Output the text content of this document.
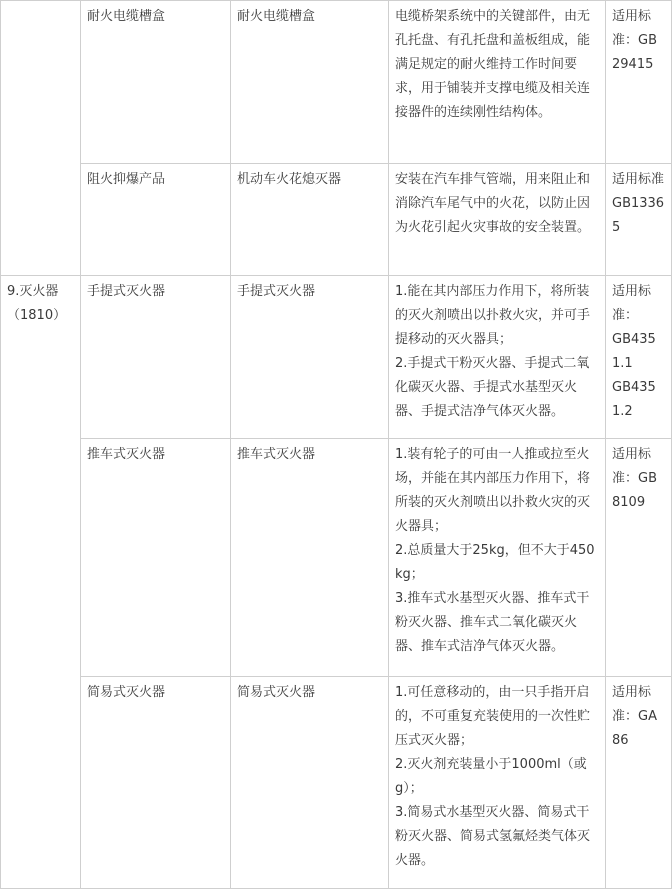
	耐火电缆槽盒	耐火电缆槽盒	电缆桥架系统中的关键部件，由无孔托盘、有孔托盘和盖板组成，能满足规定的耐火维持工作时间要求，用于铺装并支撑电缆及相关连接器件的连续刚性结构体。	适用标准：GB29415
	阻火抑爆产品	机动车火花熄灭器	安装在汽车排气管端，用来阻止和消除汽车尾气中的火花，以防止因为火花引起火灾事故的安全装置。	适用标准GB13365
9.灭火器（1810）	手提式灭火器	手提式灭火器	1.能在其内部压力作用下，将所装的灭火剂喷出以扑救火灾，并可手提移动的灭火器具；
2.手提式干粉灭火器、手提式二氧化碳灭火器、手提式水基型灭火器、手提式洁净气体灭火器。	适用标准：
GB4351.1
GB4351.2

	推车式灭火器	推车式灭火器	1.装有轮子的可由一人推或拉至火场，并能在其内部压力作用下，将所装的灭火剂喷出以扑救火灾的灭火器具；
2.总质量大于25kg，但不大于450kg；
3.推车式水基型灭火器、推车式干粉灭火器、推车式二氧化碳灭火器、推车式洁净气体灭火器。	适用标准：GB8109
	简易式灭火器	简易式灭火器	1.可任意移动的，由一只手指开启的，不可重复充装使用的一次性贮压式灭火器；
2.灭火剂充装量小于1000ml（或g）；
3.简易式水基型灭火器、简易式干粉灭火器、简易式氢氟烃类气体灭火器。	适用标准：GA86
